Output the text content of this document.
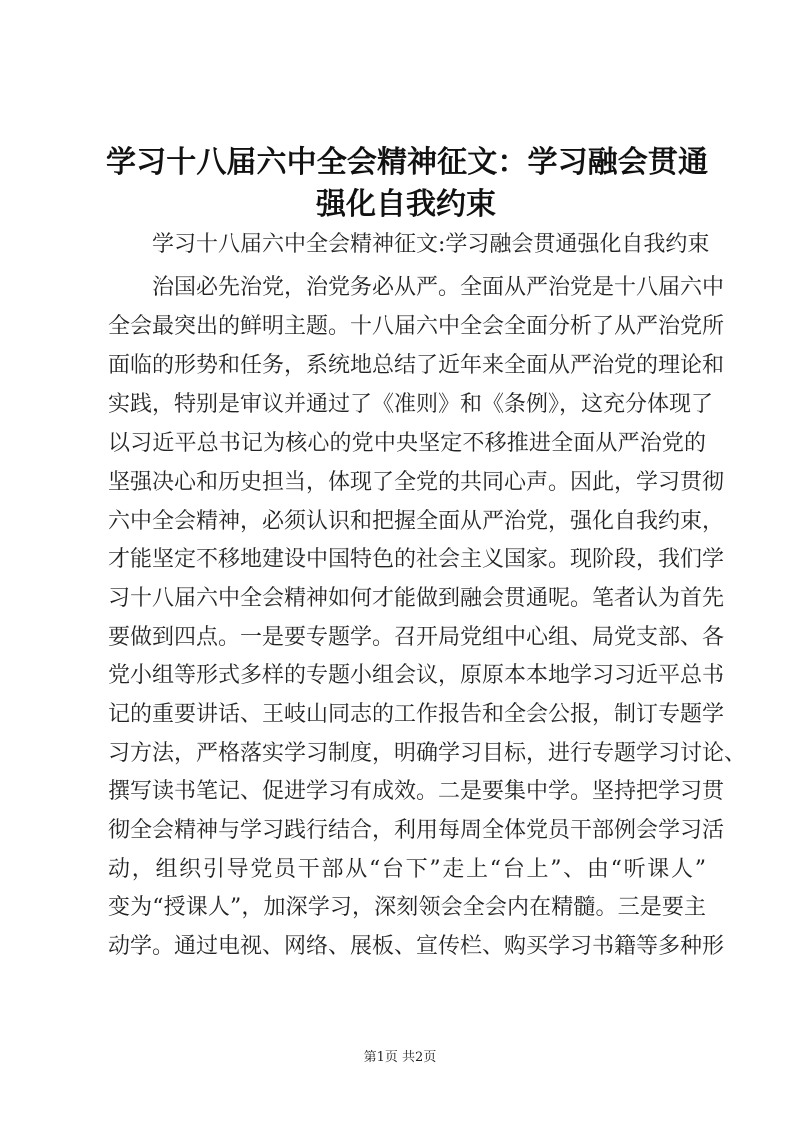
学习十八届六中全会精神征文：学习融会贯通
强化自我约束
学习十八届六中全会精神征文:学习融会贯通强化自我约束
治国必先治党，治党务必从严。全面从严治党是十八届六中
全会最突出的鲜明主题。十八届六中全会全面分析了从严治党所
面临的形势和任务，系统地总结了近年来全面从严治党的理论和
实践，特别是审议并通过了《准则》和《条例》，这充分体现了
以习近平总书记为核心的党中央坚定不移推进全面从严治党的
坚强决心和历史担当，体现了全党的共同心声。因此，学习贯彻
六中全会精神，必须认识和把握全面从严治党，强化自我约束，
才能坚定不移地建设中国特色的社会主义国家。现阶段，我们学
习十八届六中全会精神如何才能做到融会贯通呢。笔者认为首先
要做到四点。一是要专题学。召开局党组中心组、局党支部、各
党小组等形式多样的专题小组会议，原原本本地学习习近平总书
记的重要讲话、王岐山同志的工作报告和全会公报，制订专题学
习方法，严格落实学习制度，明确学习目标，进行专题学习讨论、
撰写读书笔记、促进学习有成效。二是要集中学。坚持把学习贯
彻全会精神与学习践行结合，利用每周全体党员干部例会学习活
动，组织引导党员干部从“台下”走上“台上”、由“听课人”
变为“授课人”，加深学习，深刻领会全会内在精髓。三是要主
动学。通过电视、网络、展板、宣传栏、购买学习书籍等多种形
第1页 共2页
